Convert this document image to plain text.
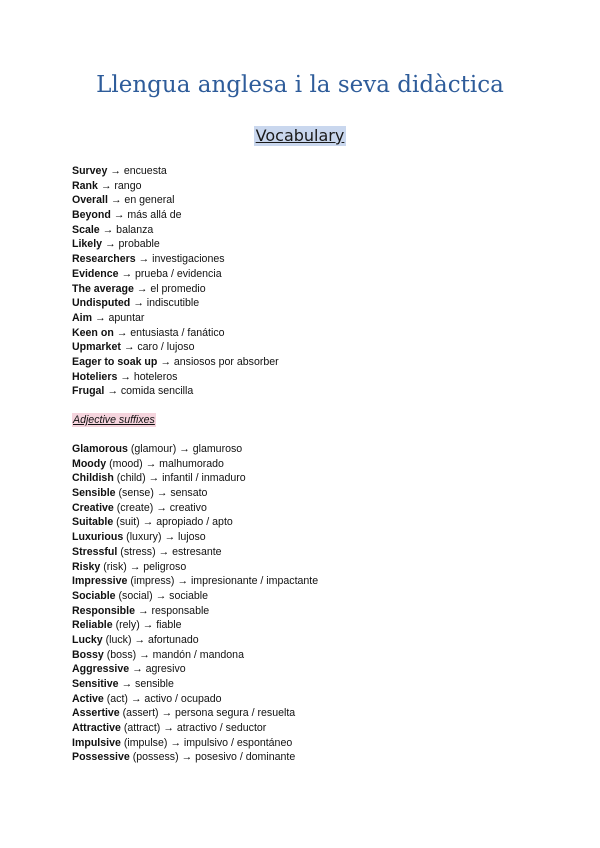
Llengua anglesa i la seva didàctica
Vocabulary
Survey → encuesta
Rank → rango
Overall → en general
Beyond → más allá de
Scale → balanza
Likely → probable
Researchers → investigaciones
Evidence → prueba / evidencia
The average → el promedio
Undisputed → indiscutible
Aim → apuntar
Keen on → entusiasta / fanático
Upmarket → caro / lujoso
Eager to soak up → ansiosos por absorber
Hoteliers → hoteleros
Frugal → comida sencilla
Adjective suffixes
Glamorous (glamour) → glamuroso
Moody (mood) → malhumorado
Childish (child) → infantil / inmaduro
Sensible (sense) → sensato
Creative (create) → creativo
Suitable (suit) → apropiado / apto
Luxurious (luxury) → lujoso
Stressful (stress) → estresante
Risky (risk) → peligroso
Impressive (impress) → impresionante / impactante
Sociable (social) → sociable
Responsible → responsable
Reliable (rely) → fiable
Lucky (luck) → afortunado
Bossy (boss) → mandón / mandona
Aggressive → agresivo
Sensitive → sensible
Active (act) → activo / ocupado
Assertive (assert) → persona segura / resuelta
Attractive (attract) → atractivo / seductor
Impulsive (impulse) → impulsivo / espontáneo
Possessive (possess) → posesivo / dominante
